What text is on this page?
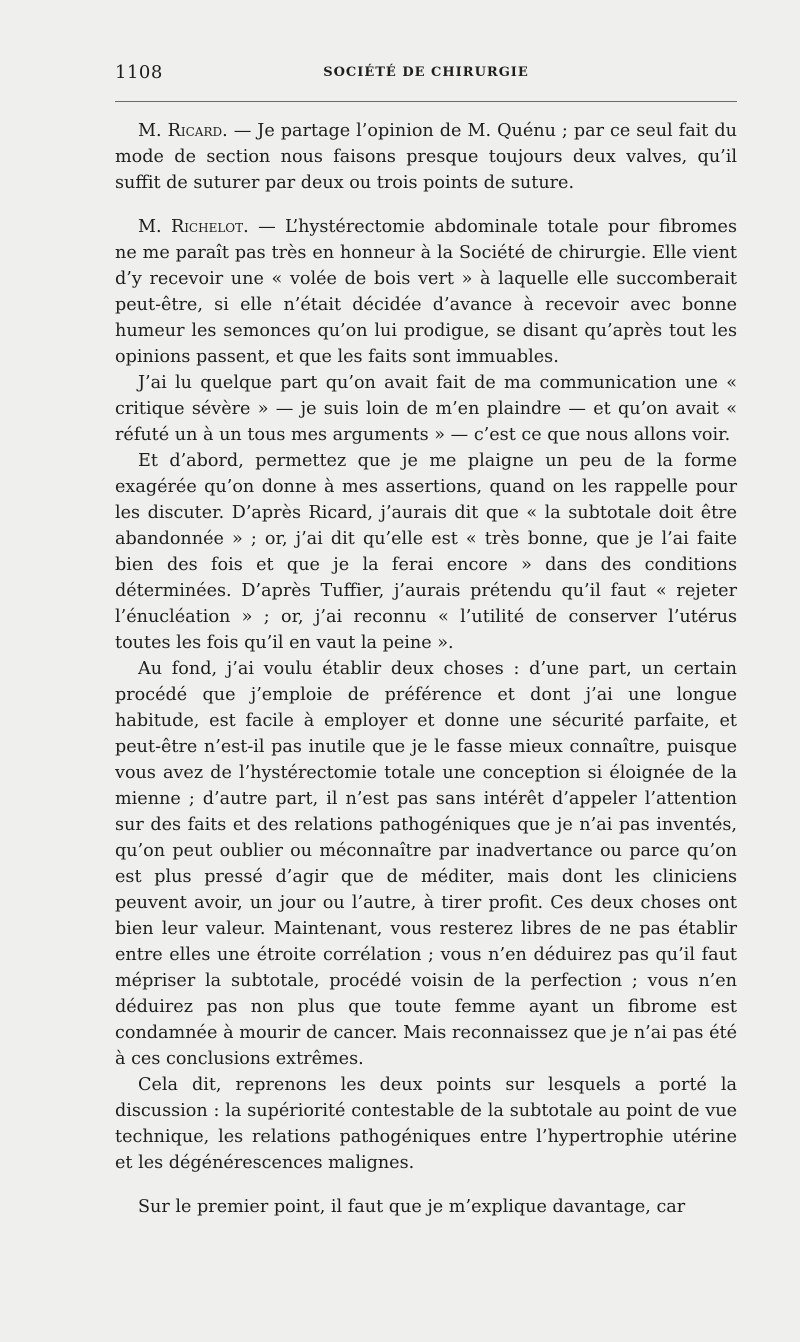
1108	SOCIÉTÉ DE CHIRURGIE

M. Ricard. — Je partage l’opinion de M. Quénu ; par ce seul fait du mode de section nous faisons presque toujours deux valves, qu’il suffit de suturer par deux ou trois points de suture.

M. Richelot. — L’hystérectomie abdominale totale pour fibromes ne me paraît pas très en honneur à la Société de chirurgie. Elle vient d’y recevoir une « volée de bois vert » à laquelle elle succomberait peut-être, si elle n’était décidée d’avance à recevoir avec bonne humeur les semonces qu’on lui prodigue, se disant qu’après tout les opinions passent, et que les faits sont immuables.

J’ai lu quelque part qu’on avait fait de ma communication une « critique sévère » — je suis loin de m’en plaindre — et qu’on avait « réfuté un à un tous mes arguments » — c’est ce que nous allons voir.

Et d’abord, permettez que je me plaigne un peu de la forme exagérée qu’on donne à mes assertions, quand on les rappelle pour les discuter. D’après Ricard, j’aurais dit que « la subtotale doit être abandonnée » ; or, j’ai dit qu’elle est « très bonne, que je l’ai faite bien des fois et que je la ferai encore » dans des conditions déterminées. D’après Tuffier, j’aurais prétendu qu’il faut « rejeter l’énucléation » ; or, j’ai reconnu « l’utilité de conserver l’utérus toutes les fois qu’il en vaut la peine ».

Au fond, j’ai voulu établir deux choses : d’une part, un certain procédé que j’emploie de préférence et dont j’ai une longue habitude, est facile à employer et donne une sécurité parfaite, et peut-être n’est-il pas inutile que je le fasse mieux connaître, puisque vous avez de l’hystérectomie totale une conception si éloignée de la mienne ; d’autre part, il n’est pas sans intérêt d’appeler l’attention sur des faits et des relations pathogéniques que je n’ai pas inventés, qu’on peut oublier ou méconnaître par inadvertance ou parce qu’on est plus pressé d’agir que de méditer, mais dont les cliniciens peuvent avoir, un jour ou l’autre, à tirer profit. Ces deux choses ont bien leur valeur. Maintenant, vous resterez libres de ne pas établir entre elles une étroite corrélation ; vous n’en déduirez pas qu’il faut mépriser la subtotale, procédé voisin de la perfection ; vous n’en déduirez pas non plus que toute femme ayant un fibrome est condamnée à mourir de cancer. Mais reconnaissez que je n’ai pas été à ces conclusions extrêmes.

Cela dit, reprenons les deux points sur lesquels a porté la discussion : la supériorité contestable de la subtotale au point de vue technique, les relations pathogéniques entre l’hypertrophie utérine et les dégénérescences malignes.

Sur le premier point, il faut que je m’explique davantage, car
